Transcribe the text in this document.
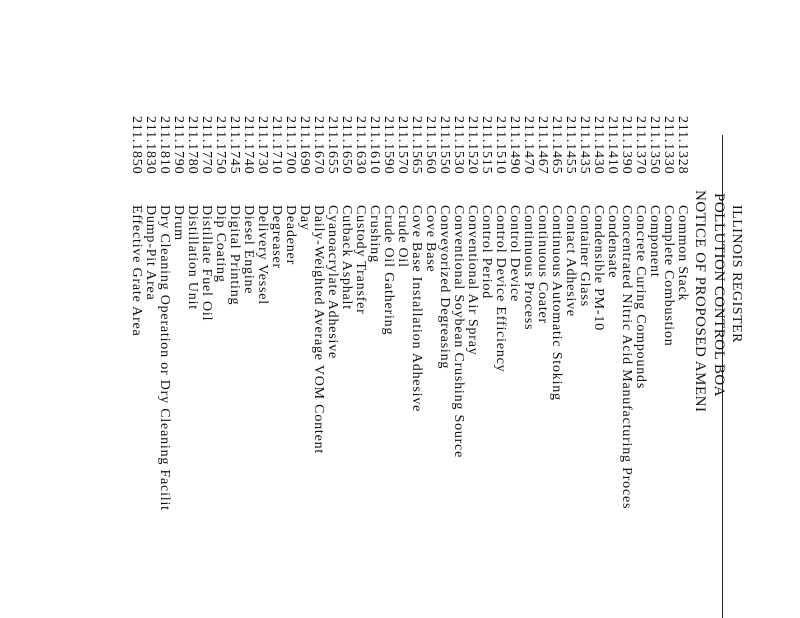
ILLINOIS REGISTER
POLLUTION CONTROL BOA
NOTICE OF PROPOSED AMENI
211.1328
Common Stack
211.1330
Complete Combustion
211.1350
Component
211.1370
Concrete Curing Compounds
211.1390
Concentrated Nitric Acid Manufacturing Proces
211.1410
Condensate
211.1430
Condensible PM-10
211.1435
Container Glass
211.1455
Contact Adhesive
211.1465
Continuous Automatic Stoking
211.1467
Continuous Coater
211.1470
Continuous Process
211.1490
Control Device
211.1510
Control Device Efficiency
211.1515
Control Period
211.1520
Conventional Air Spray
211.1530
Conventional Soybean Crushing Source
211.1550
Conveyorized Degreasing
211.1560
Cove Base
211.1565
Cove Base Installation Adhesive
211.1570
Crude Oil
211.1590
Crude Oil Gathering
211.1610
Crushing
211.1630
Custody Transfer
211.1650
Cutback Asphalt
211.1655
Cyanoacrylate Adhesive
211.1670
Daily-Weighted Average VOM Content
211.1690
Day
211.1700
Deadener
211.1710
Degreaser
211.1730
Delivery Vessel
211.1740
Diesel Engine
211.1745
Digital Printing
211.1750
Dip Coating
211.1770
Distillate Fuel Oil
211.1780
Distillation Unit
211.1790
Drum
211.1810
Dry Cleaning Operation or Dry Cleaning Facilit
211.1830
Dump-Pit Area
211.1850
Effective Grate Area
